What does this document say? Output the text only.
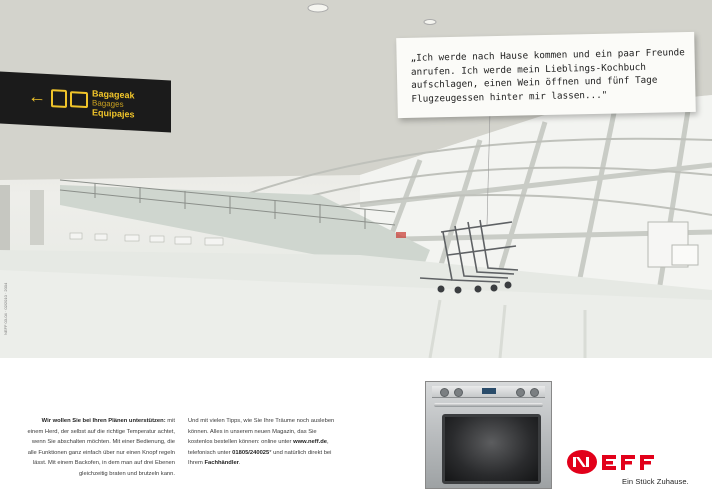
←	Bagageak
Bagages
Equipajes
„Ich werde nach Hause kommen und ein paar Freunde anrufen. Ich werde mein Lieblings-Kochbuch aufschlagen, einen Wein öffnen und fünf Tage Flugzeugessen hinter mir lassen..."
NEFF 03-04 · 02/2010 · 2004
Wir wollen Sie bei Ihren Plänen unterstützen: mit einem Herd, der selbst auf die richtige Temperatur achtet, wenn Sie abschalten möchten. Mit einer Bedienung, die alle Funktionen ganz einfach über nur einen Knopf regeln lässt. Mit einem Backofen, in dem man auf drei Ebenen gleichzeitig braten und brutzeln kann.
Und mit vielen Tipps, wie Sie Ihre Träume noch ausleben können. Alles in unserem neuen Magazin, das Sie kostenlos bestellen können: online unter www.neff.de, telefonisch unter 01805/240025* und natürlich direkt bei Ihrem Fachhändler.
NEFF	Ein Stück Zuhause.
